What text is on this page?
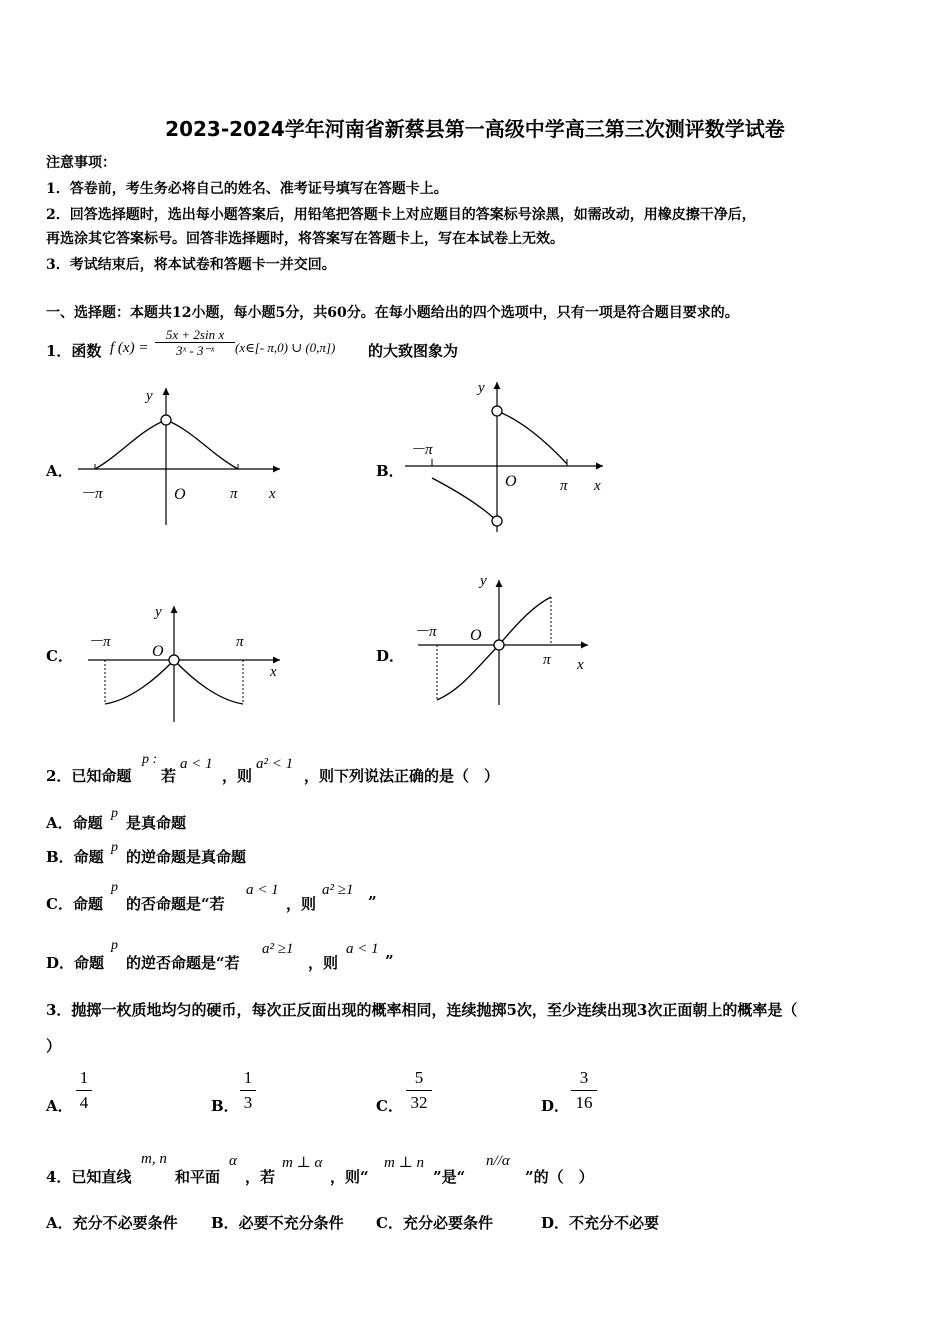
2023-2024学年河南省新蔡县第一高级中学高三第三次测评数学试卷
注意事项：
1．答卷前，考生务必将自己的姓名、准考证号填写在答题卡上。
2．回答选择题时，选出每小题答案后，用铅笔把答题卡上对应题目的答案标号涂黑，如需改动，用橡皮擦干净后，
再选涂其它答案标号。回答非选择题时，将答案写在答题卡上，写在本试卷上无效。
3．考试结束后，将本试卷和答题卡一并交回。
一、选择题：本题共12小题，每小题5分，共60分。在每小题给出的四个选项中，只有一项是符合题目要求的。
1．函数 f (x) =
5x + 2sin x
3ˣ - 3⁻ˣ	(x∈[- π,0) ∪ (0,π]) 的大致图象为
A．	B．
C．	D．
y
－π	O	π x
y
－π
O	π x
y
－π
O
π
x
y
－π O
π x
2．已知命题
p :
若
a < 1
，则
a² < 1
，则下列说法正确的是（　）
A．命题
p
是真命题
B．命题
p
的逆命题是真命题
C．命题
p
的否命题是“若
a < 1
，则
a² ≥1
”
D．命题
p
的逆否命题是“若
a² ≥1
，则
a < 1
”
3．抛掷一枚质地均匀的硬币，每次正反面出现的概率相同，连续抛掷5次，至少连续出现3次正面朝上的概率是（
）
A．
1
4	B．
1
3	C．
5
32	D．
3
16
4．已知直线
m, n
和平面
α
，若
m ⊥ α
，则“
m ⊥ n
”是“
n//α
”的（　）
A．充分不必要条件 B．必要不充分条件 C．充分必要条件	D．不充分不必要
